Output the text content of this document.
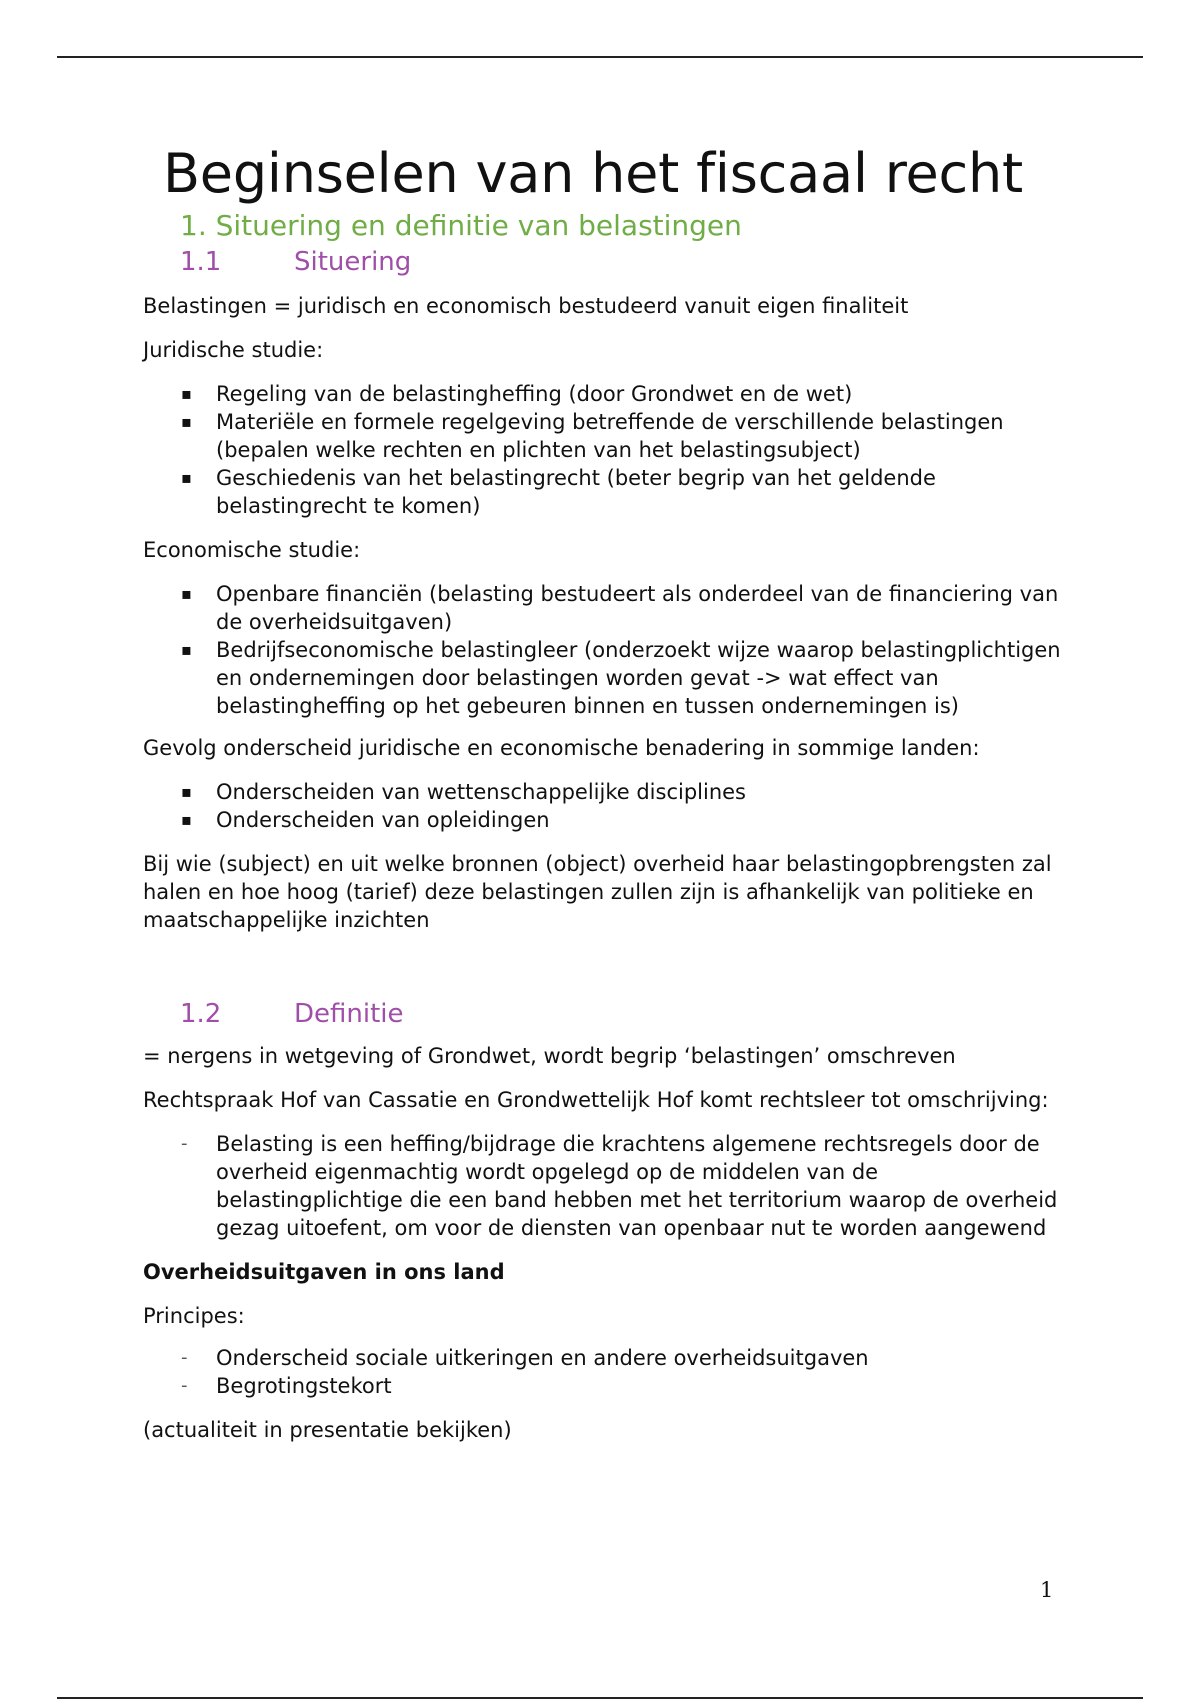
Beginselen van het fiscaal recht
1. Situering en definitie van belastingen
1.1	Situering

Belastingen = juridisch en economisch bestudeerd vanuit eigen finaliteit

Juridische studie:

▪	Regeling van de belastingheffing (door Grondwet en de wet)
▪	Materiële en formele regelgeving betreffende de verschillende belastingen (bepalen welke rechten en plichten van het belastingsubject)
▪	Geschiedenis van het belastingrecht (beter begrip van het geldende belastingrecht te komen)

Economische studie:

▪	Openbare financiën (belasting bestudeert als onderdeel van de financiering van de overheidsuitgaven)
▪	Bedrijfseconomische belastingleer (onderzoekt wijze waarop belastingplichtigen en ondernemingen door belastingen worden gevat -> wat effect van belastingheffing op het gebeuren binnen en tussen ondernemingen is)

Gevolg onderscheid juridische en economische benadering in sommige landen:

▪	Onderscheiden van wettenschappelijke disciplines
▪	Onderscheiden van opleidingen

Bij wie (subject) en uit welke bronnen (object) overheid haar belastingopbrengsten zal halen en hoe hoog (tarief) deze belastingen zullen zijn is afhankelijk van politieke en maatschappelijke inzichten

1.2	Definitie

= nergens in wetgeving of Grondwet, wordt begrip ‘belastingen’ omschreven

Rechtspraak Hof van Cassatie en Grondwettelijk Hof komt rechtsleer tot omschrijving:

-	Belasting is een heffing/bijdrage die krachtens algemene rechtsregels door de overheid eigenmachtig wordt opgelegd op de middelen van de belastingplichtige die een band hebben met het territorium waarop de overheid gezag uitoefent, om voor de diensten van openbaar nut te worden aangewend

Overheidsuitgaven in ons land

Principes:

-	Onderscheid sociale uitkeringen en andere overheidsuitgaven
-	Begrotingstekort

(actualiteit in presentatie bekijken)

1
